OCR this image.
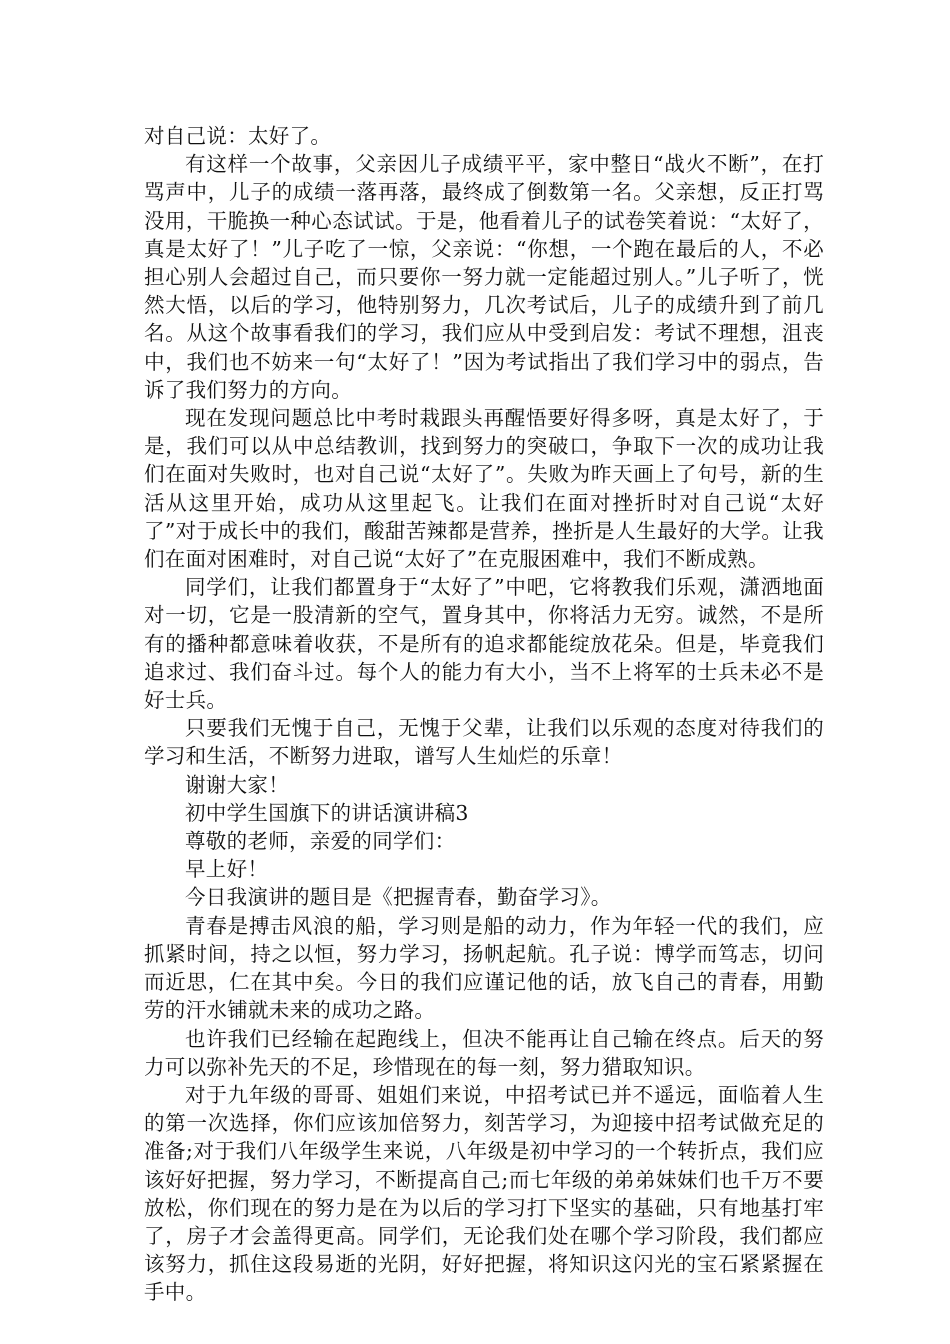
对自己说：太好了。

有这样一个故事，父亲因儿子成绩平平，家中整日“战火不断”，在打骂声中，儿子的成绩一落再落，最终成了倒数第一名。父亲想，反正打骂没用，干脆换一种心态试试。于是，他看着儿子的试卷笑着说：“太好了，真是太好了！”儿子吃了一惊，父亲说：“你想，一个跑在最后的人，不必担心别人会超过自己，而只要你一努力就一定能超过别人。”儿子听了，恍然大悟，以后的学习，他特别努力，几次考试后，儿子的成绩升到了前几名。从这个故事看我们的学习，我们应从中受到启发：考试不理想，沮丧中，我们也不妨来一句“太好了！”因为考试指出了我们学习中的弱点，告诉了我们努力的方向。

现在发现问题总比中考时栽跟头再醒悟要好得多呀，真是太好了，于是，我们可以从中总结教训，找到努力的突破口，争取下一次的成功让我们在面对失败时，也对自己说“太好了”。失败为昨天画上了句号，新的生活从这里开始，成功从这里起飞。让我们在面对挫折时对自己说“太好了”对于成长中的我们，酸甜苦辣都是营养，挫折是人生最好的大学。让我们在面对困难时，对自己说“太好了”在克服困难中，我们不断成熟。

同学们，让我们都置身于“太好了”中吧，它将教我们乐观，潇洒地面对一切，它是一股清新的空气，置身其中，你将活力无穷。诚然，不是所有的播种都意味着收获，不是所有的追求都能绽放花朵。但是，毕竟我们追求过、我们奋斗过。每个人的能力有大小，当不上将军的士兵未必不是好士兵。

只要我们无愧于自己，无愧于父辈，让我们以乐观的态度对待我们的学习和生活，不断努力进取，谱写人生灿烂的乐章！

谢谢大家！

初中学生国旗下的讲话演讲稿3

尊敬的老师，亲爱的同学们：

早上好！

今日我演讲的题目是《把握青春，勤奋学习》。

青春是搏击风浪的船，学习则是船的动力，作为年轻一代的我们，应抓紧时间，持之以恒，努力学习，扬帆起航。孔子说：博学而笃志，切问而近思，仁在其中矣。今日的我们应谨记他的话，放飞自己的青春，用勤劳的汗水铺就未来的成功之路。

也许我们已经输在起跑线上，但决不能再让自己输在终点。后天的努力可以弥补先天的不足，珍惜现在的每一刻，努力猎取知识。

对于九年级的哥哥、姐姐们来说，中招考试已并不遥远，面临着人生的第一次选择，你们应该加倍努力，刻苦学习，为迎接中招考试做充足的准备;对于我们八年级学生来说，八年级是初中学习的一个转折点，我们应该好好把握，努力学习，不断提高自己;而七年级的弟弟妹妹们也千万不要放松，你们现在的努力是在为以后的学习打下坚实的基础，只有地基打牢了，房子才会盖得更高。同学们，无论我们处在哪个学习阶段，我们都应该努力，抓住这段易逝的光阴，好好把握，将知识这闪光的宝石紧紧握在手中。
